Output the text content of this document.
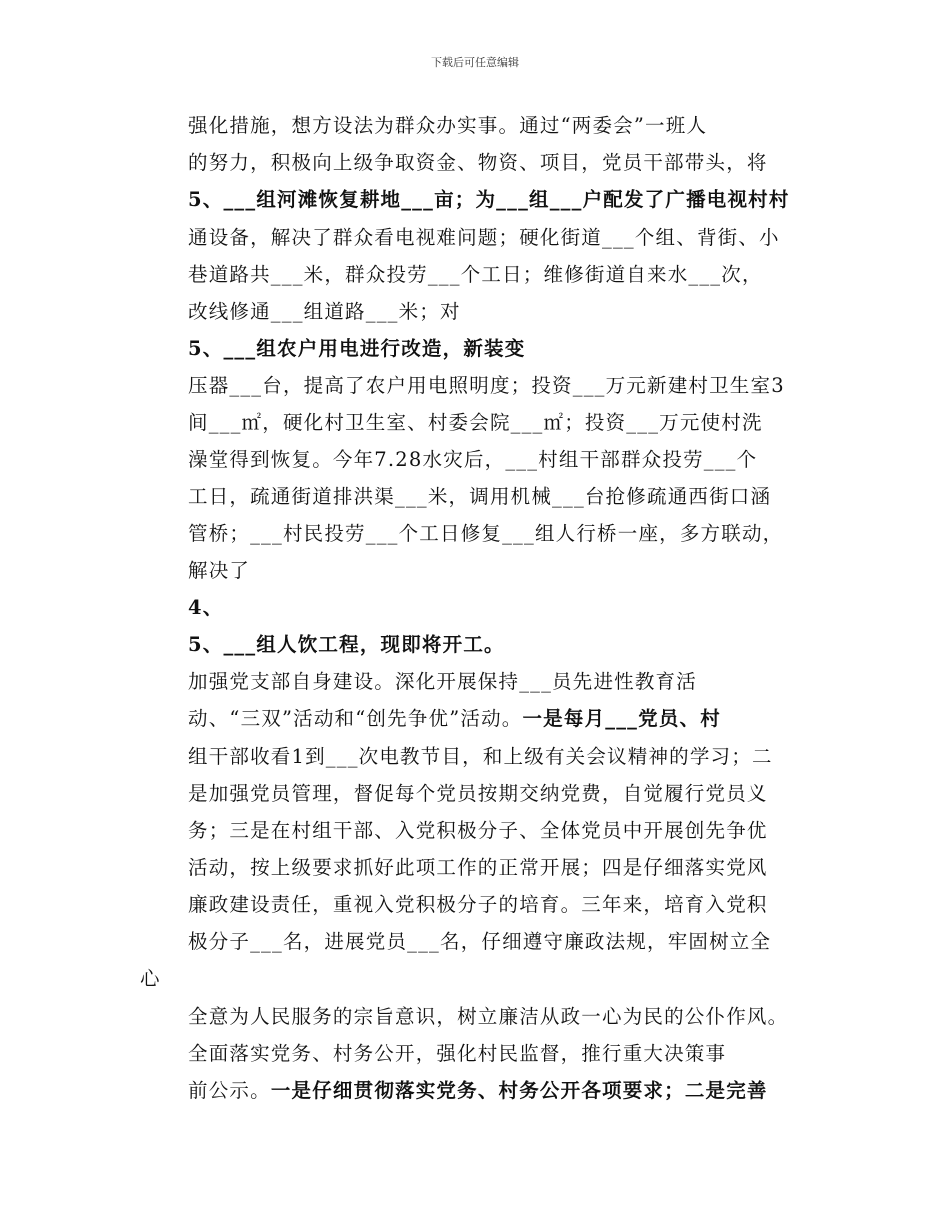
下载后可任意编辑
强化措施，想方设法为群众办实事。通过“两委会”一班人
的努力，积极向上级争取资金、物资、项目，党员干部带头，将
5、___组河滩恢复耕地___亩；为___组___户配发了广播电视村村
通设备，解决了群众看电视难问题；硬化街道___个组、背街、小
巷道路共___米，群众投劳___个工日；维修街道自来水___次，
改线修通___组道路___米；对
5、___组农户用电进行改造，新装变
压器___台，提高了农户用电照明度；投资___万元新建村卫生室3
间___㎡，硬化村卫生室、村委会院___㎡；投资___万元使村洗
澡堂得到恢复。今年7.28水灾后，___村组干部群众投劳___个
工日，疏通街道排洪渠___米，调用机械___台抢修疏通西街口涵
管桥；___村民投劳___个工日修复___组人行桥一座，多方联动，
解决了
4、
5、___组人饮工程，现即将开工。
加强党支部自身建设。深化开展保持___员先进性教育活
动、“三双”活动和“创先争优”活动。一是每月___党员、村
组干部收看1到___次电教节目，和上级有关会议精神的学习；二
是加强党员管理，督促每个党员按期交纳党费，自觉履行党员义
务；三是在村组干部、入党积极分子、全体党员中开展创先争优
活动，按上级要求抓好此项工作的正常开展；四是仔细落实党风
廉政建设责任，重视入党积极分子的培育。三年来，培育入党积
极分子___名，进展党员___名，仔细遵守廉政法规，牢固树立全
心
全意为人民服务的宗旨意识，树立廉洁从政一心为民的公仆作风。
全面落实党务、村务公开，强化村民监督，推行重大决策事
前公示。一是仔细贯彻落实党务、村务公开各项要求；二是完善
